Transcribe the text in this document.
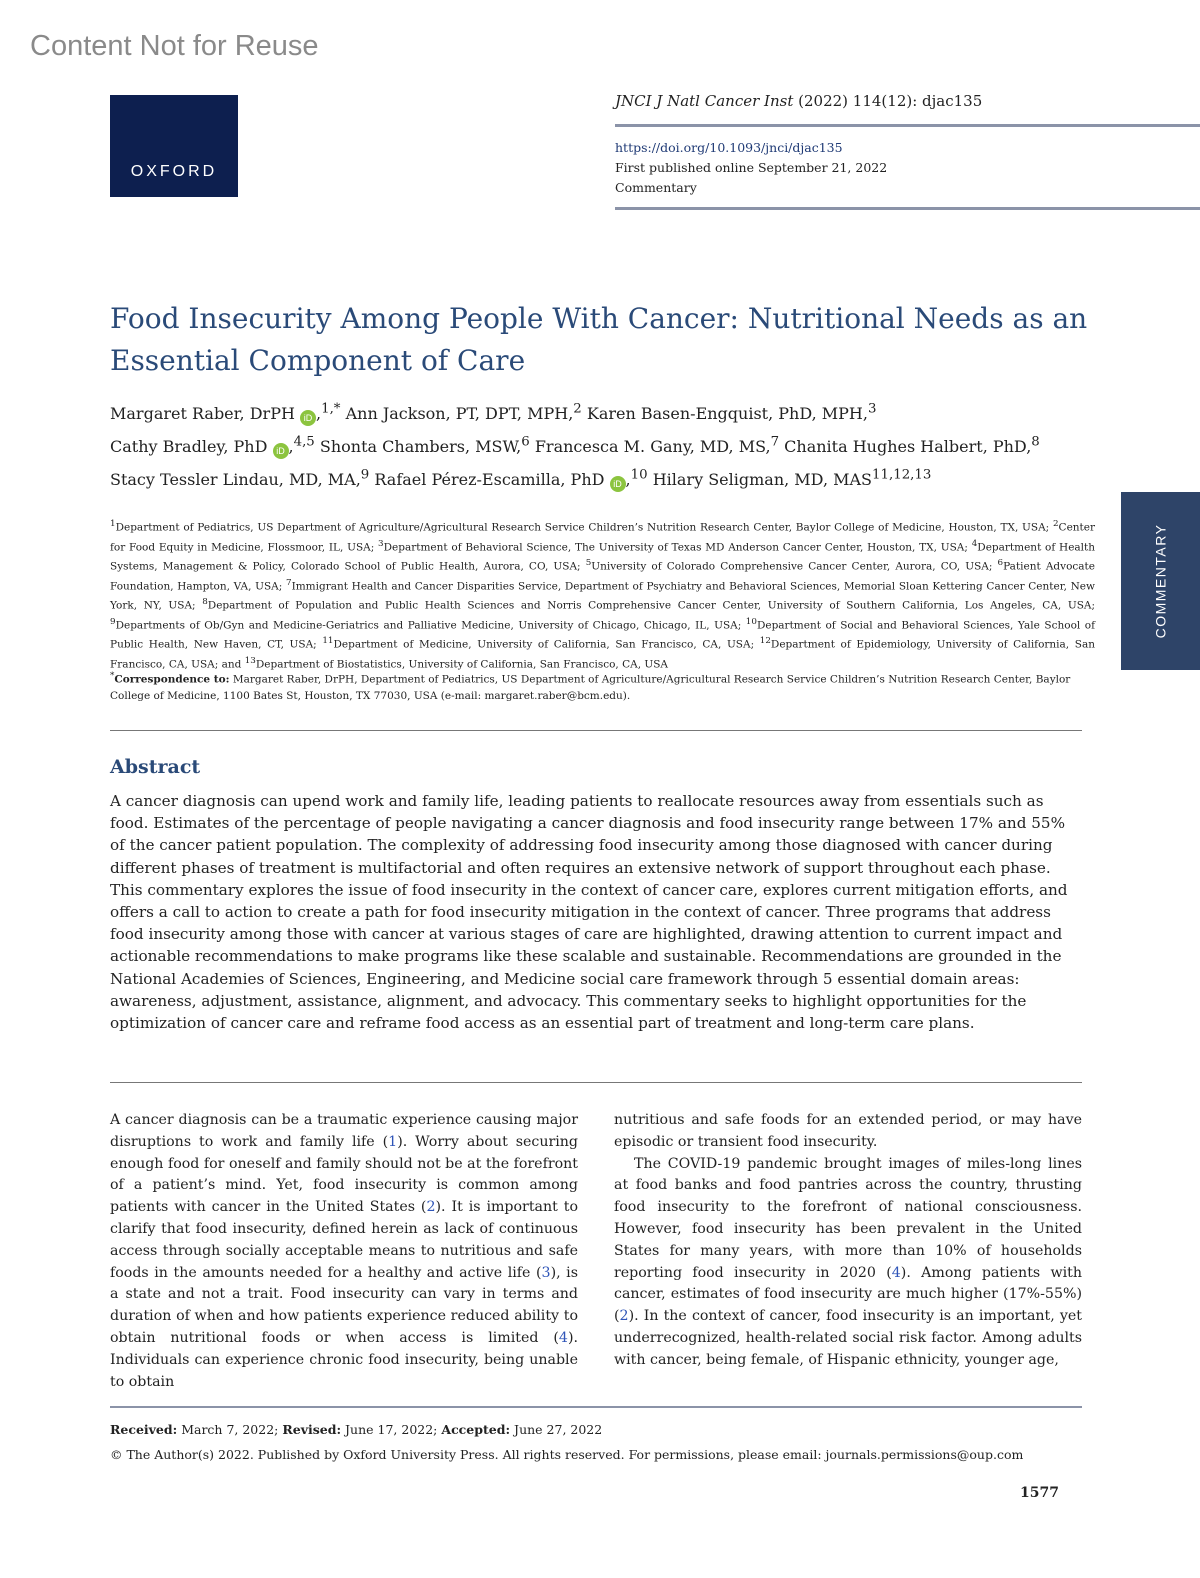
Content Not for Reuse
OXFORD
JNCI J Natl Cancer Inst (2022) 114(12): djac135
https://doi.org/10.1093/jnci/djac135
First published online September 21, 2022
Commentary
Food Insecurity Among People With Cancer: Nutritional Needs as an
Essential Component of Care
Margaret Raber, DrPH iD ,$^{1,*}$ Ann Jackson, PT, DPT, MPH,$^2$ Karen Basen-Engquist, PhD, MPH,$^3$
Cathy Bradley, PhD iD ,$^{4,5}$ Shonta Chambers, MSW,$^6$ Francesca M. Gany, MD, MS,$^7$ Chanita Hughes Halbert, PhD,$^8$
Stacy Tessler Lindau, MD, MA,$^9$ Rafael Pérez-Escamilla, PhD iD ,$^{10}$ Hilary Seligman, MD, MAS$^{11,12,13}$
$^1$Department of Pediatrics, US Department of Agriculture/Agricultural Research Service Children’s Nutrition Research Center, Baylor College of Medicine, Houston, TX, USA; $^2$Center for Food Equity in Medicine, Flossmoor, IL, USA; $^3$Department of Behavioral Science, The University of Texas MD Anderson Cancer Center, Houston, TX, USA; $^4$Department of Health Systems, Management & Policy, Colorado School of Public Health, Aurora, CO, USA; $^5$University of Colorado Comprehensive Cancer Center, Aurora, CO, USA; $^6$Patient Advocate Foundation, Hampton, VA, USA; $^7$Immigrant Health and Cancer Disparities Service, Department of Psychiatry and Behavioral Sciences, Memorial Sloan Kettering Cancer Center, New York, NY, USA; $^8$Department of Population and Public Health Sciences and Norris Comprehensive Cancer Center, University of Southern California, Los Angeles, CA, USA; $^9$Departments of Ob/Gyn and Medicine-Geriatrics and Palliative Medicine, University of Chicago, Chicago, IL, USA; $^{10}$Department of Social and Behavioral Sciences, Yale School of Public Health, New Haven, CT, USA; $^{11}$Department of Medicine, University of California, San Francisco, CA, USA; $^{12}$Department of Epidemiology, University of California, San Francisco, CA, USA; and $^{13}$Department of Biostatistics, University of California, San Francisco, CA, USA
*Correspondence to: Margaret Raber, DrPH, Department of Pediatrics, US Department of Agriculture/Agricultural Research Service Children’s Nutrition Research Center, Baylor College of Medicine, 1100 Bates St, Houston, TX 77030, USA (e-mail: margaret.raber@bcm.edu).
COMMENTARY
Abstract
A cancer diagnosis can upend work and family life, leading patients to reallocate resources away from essentials such as food. Estimates of the percentage of people navigating a cancer diagnosis and food insecurity range between 17% and 55% of the cancer patient population. The complexity of addressing food insecurity among those diagnosed with cancer during different phases of treatment is multifactorial and often requires an extensive network of support throughout each phase. This commentary explores the issue of food insecurity in the context of cancer care, explores current mitigation efforts, and offers a call to action to create a path for food insecurity mitigation in the context of cancer. Three programs that address food insecurity among those with cancer at various stages of care are highlighted, drawing attention to current impact and actionable recommendations to make programs like these scalable and sustainable. Recommendations are grounded in the National Academies of Sciences, Engineering, and Medicine social care framework through 5 essential domain areas: awareness, adjustment, assistance, alignment, and advocacy. This commentary seeks to highlight opportunities for the optimization of cancer care and reframe food access as an essential part of treatment and long-term care plans.

A cancer diagnosis can be a traumatic experience causing major disruptions to work and family life (1). Worry about securing enough food for oneself and family should not be at the forefront of a patient’s mind. Yet, food insecurity is common among patients with cancer in the United States (2). It is important to clarify that food insecurity, defined herein as lack of continuous access through socially acceptable means to nutritious and safe foods in the amounts needed for a healthy and active life (3), is a state and not a trait. Food insecurity can vary in terms and duration of when and how patients experience reduced ability to obtain nutritional foods or when access is limited (4). Individuals can experience chronic food insecurity, being unable to obtain

nutritious and safe foods for an extended period, or may have episodic or transient food insecurity.

The COVID-19 pandemic brought images of miles-long lines at food banks and food pantries across the country, thrusting food insecurity to the forefront of national consciousness. However, food insecurity has been prevalent in the United States for many years, with more than 10% of households reporting food insecurity in 2020 (4). Among patients with cancer, estimates of food insecurity are much higher (17%-55%) (2). In the context of cancer, food insecurity is an important, yet underrecognized, health-related social risk factor. Among adults with cancer, being female, of Hispanic ethnicity, younger age,

Received: March 7, 2022; Revised: June 17, 2022; Accepted: June 27, 2022
© The Author(s) 2022. Published by Oxford University Press. All rights reserved. For permissions, please email: journals.permissions@oup.com
1577
